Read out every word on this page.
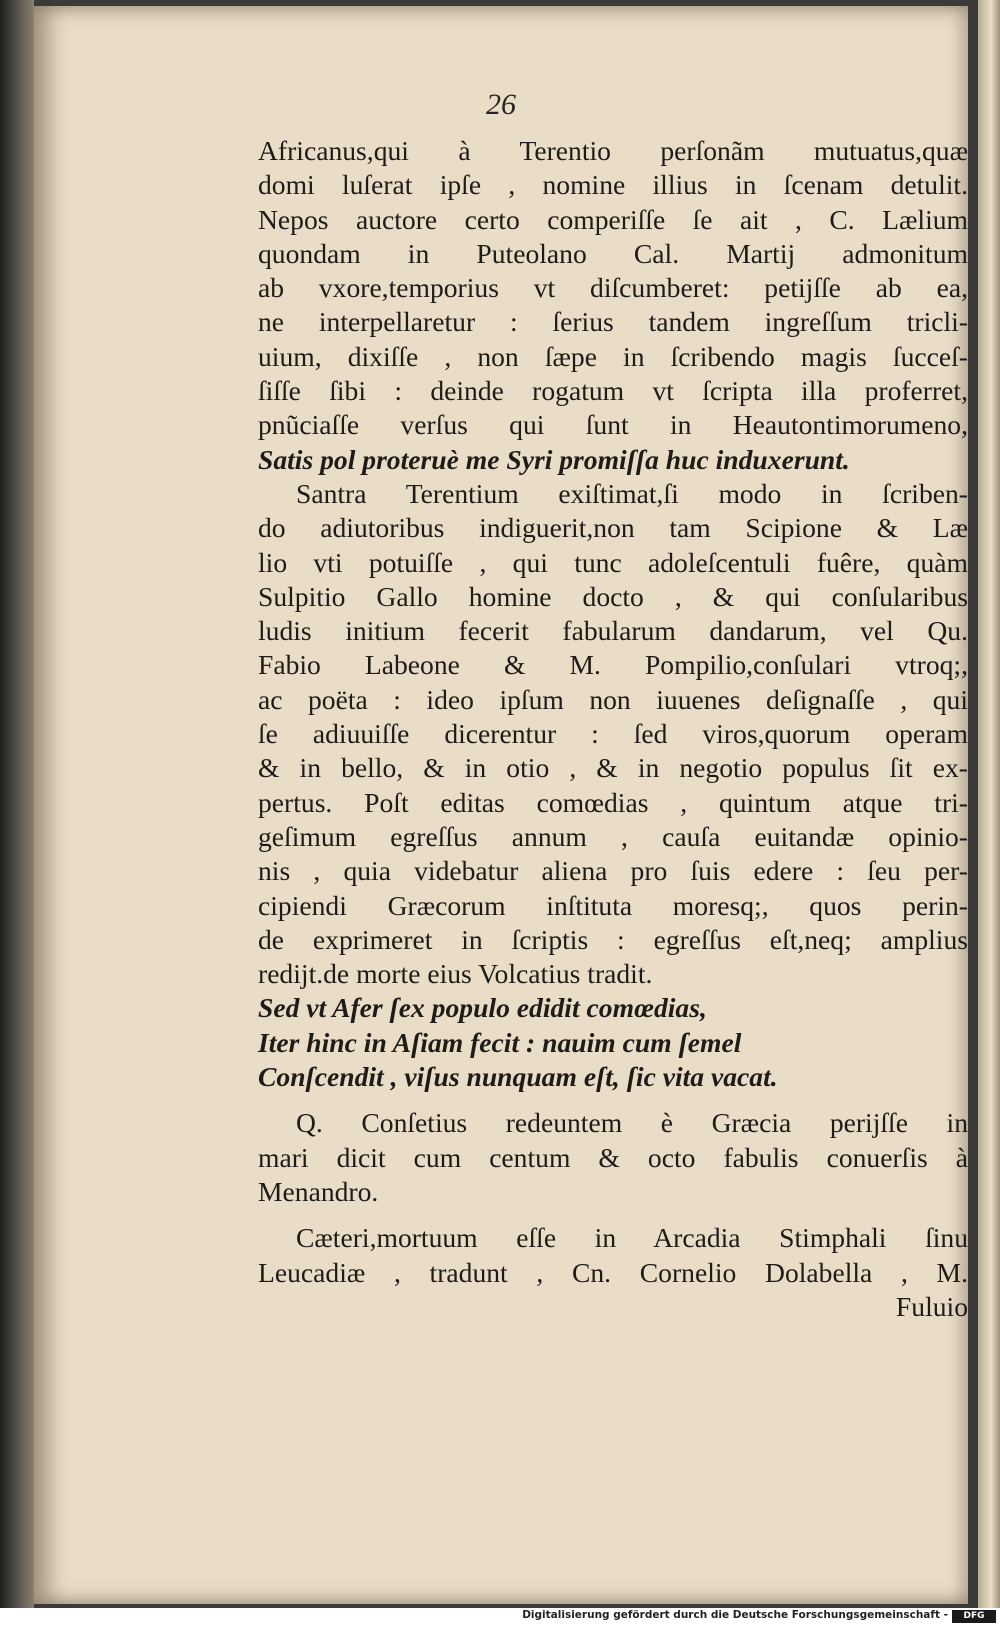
26
Africanus,qui à Terentio perſonãm mutuatus,quæ
domi luſerat ipſe , nomine illius in ſcenam detulit.
Nepos auctore certo comperiſſe ſe ait , C. Lælium
quondam in Puteolano Cal. Martij admonitum
ab vxore,temporius vt diſcumberet: petijſſe ab ea,
ne interpellaretur : ſerius tandem ingreſſum tricli-
uium, dixiſſe , non ſæpe in ſcribendo magis ſucceſ-
ſiſſe ſibi : deinde rogatum vt ſcripta illa proferret,
pnũciaſſe verſus qui ſunt in Heautontimorumeno,
Satis pol proteruè me Syri promiſſa huc induxerunt.
Santra Terentium exiſtimat,ſi modo in ſcriben-
do adiutoribus indiguerit,non tam Scipione & Læ
lio vti potuiſſe , qui tunc adoleſcentuli fuêre, quàm
Sulpitio Gallo homine docto , & qui conſularibus
ludis initium fecerit fabularum dandarum, vel Qu.
Fabio Labeone & M. Pompilio,conſulari vtroq;,
ac poëta : ideo ipſum non iuuenes deſignaſſe , qui
ſe adiuuiſſe dicerentur : ſed viros,quorum operam
& in bello, & in otio , & in negotio populus ſit ex-
pertus. Poſt editas comœdias , quintum atque tri-
geſimum egreſſus annum , cauſa euitandæ opinio-
nis , quia videbatur aliena pro ſuis edere : ſeu per-
cipiendi Græcorum inſtituta moresq;, quos perin-
de exprimeret in ſcriptis : egreſſus eſt,neq; amplius
redijt.de morte eius Volcatius tradit.
Sed vt Afer ſex populo edidit comœdias,
Iter hinc in Aſiam fecit : nauim cum ſemel
Conſcendit , viſus nunquam eſt, ſic vita vacat.
Q. Conſetius redeuntem è Græcia perijſſe in
mari dicit cum centum & octo fabulis conuerſis à
Menandro.
Cæteri,mortuum eſſe in Arcadia Stimphali ſinu
Leucadiæ , tradunt , Cn. Cornelio Dolabella , M.
Fuluio
Digitalisierung gefördert durch die Deutsche Forschungsgemeinschaft -	DFG
